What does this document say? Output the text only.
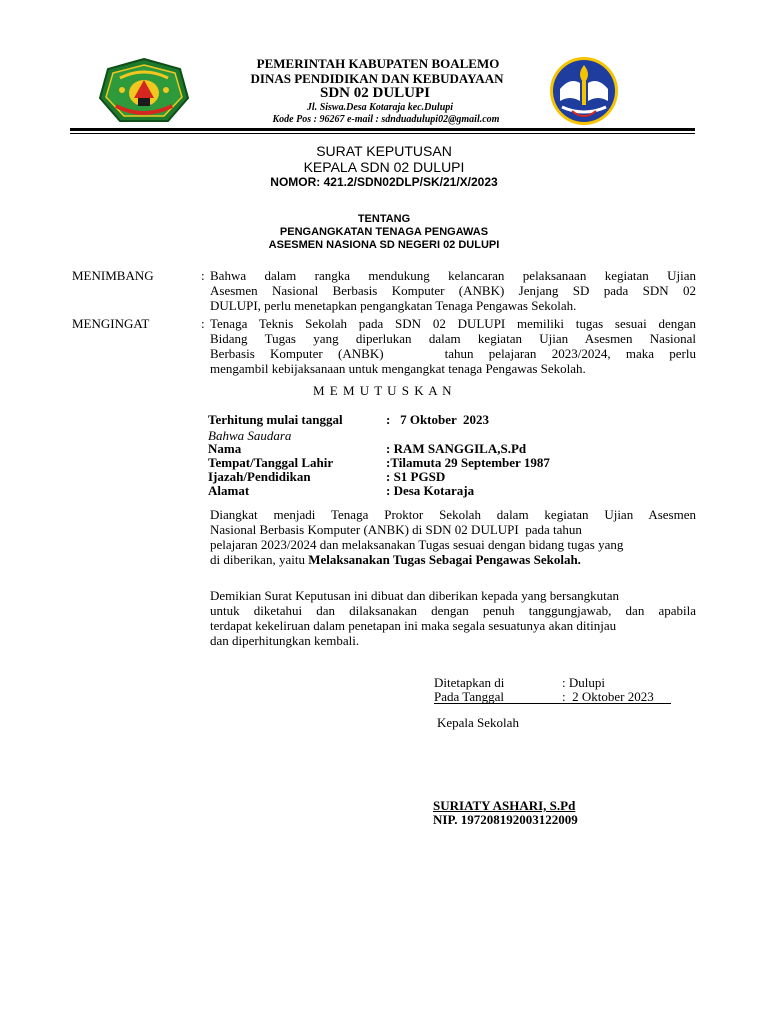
PEMERINTAH KABUPATEN BOALEMO
DINAS PENDIDIKAN DAN KEBUDAYAAN
SDN 02 DULUPI
Jl. Siswa.Desa Kotaraja kec.Dulupi
Kode Pos : 96267 e-mail : sdnduadulupi02@gmail.com
SURAT KEPUTUSAN
KEPALA SDN 02 DULUPI
NOMOR: 421.2/SDN02DLP/SK/21/X/2023
TENTANG
PENGANGKATAN TENAGA PENGAWAS
ASESMEN NASIONA SD NEGERI 02 DULUPI
MENIMBANG	: Bahwa dalam rangka mendukung kelancaran pelaksanaan kegiatan Ujian
Asesmen Nasional Berbasis Komputer (ANBK) Jenjang SD pada SDN 02
DULUPI, perlu menetapkan pengangkatan Tenaga Pengawas Sekolah.
MENGINGAT	: Tenaga Teknis Sekolah pada SDN 02 DULUPI memiliki tugas sesuai dengan
Bidang Tugas yang diperlukan dalam kegiatan Ujian Asesmen Nasional
Berbasis Komputer (ANBK)    tahun pelajaran 2023/2024, maka perlu
mengambil kebijaksanaan untuk mengangkat tenaga Pengawas Sekolah.
M E M U T U S K A N
Terhitung mulai tanggal	:   7 Oktober  2023
Bahwa Saudara
Nama	: RAM SANGGILA,S.Pd
Tempat/Tanggal Lahir	:Tilamuta 29 September 1987
Ijazah/Pendidikan	: S1 PGSD
Alamat	: Desa Kotaraja
Diangkat menjadi Tenaga Proktor Sekolah dalam kegiatan Ujian Asesmen
Nasional Berbasis Komputer (ANBK) di SDN 02 DULUPI  pada tahun
pelajaran 2023/2024 dan melaksanakan Tugas sesuai dengan bidang tugas yang
di diberikan, yaitu Melaksanakan Tugas Sebagai Pengawas Sekolah.
Demikian Surat Keputusan ini dibuat dan diberikan kepada yang bersangkutan
untuk diketahui dan dilaksanakan dengan penuh tanggungjawab, dan apabila
terdapat kekeliruan dalam penetapan ini maka segala sesuatunya akan ditinjau
dan diperhitungkan kembali.
Ditetapkan di	: Dulupi
Pada Tanggal	:  2 Oktober 2023
Kepala Sekolah
SURIATY ASHARI, S.Pd
NIP. 197208192003122009
